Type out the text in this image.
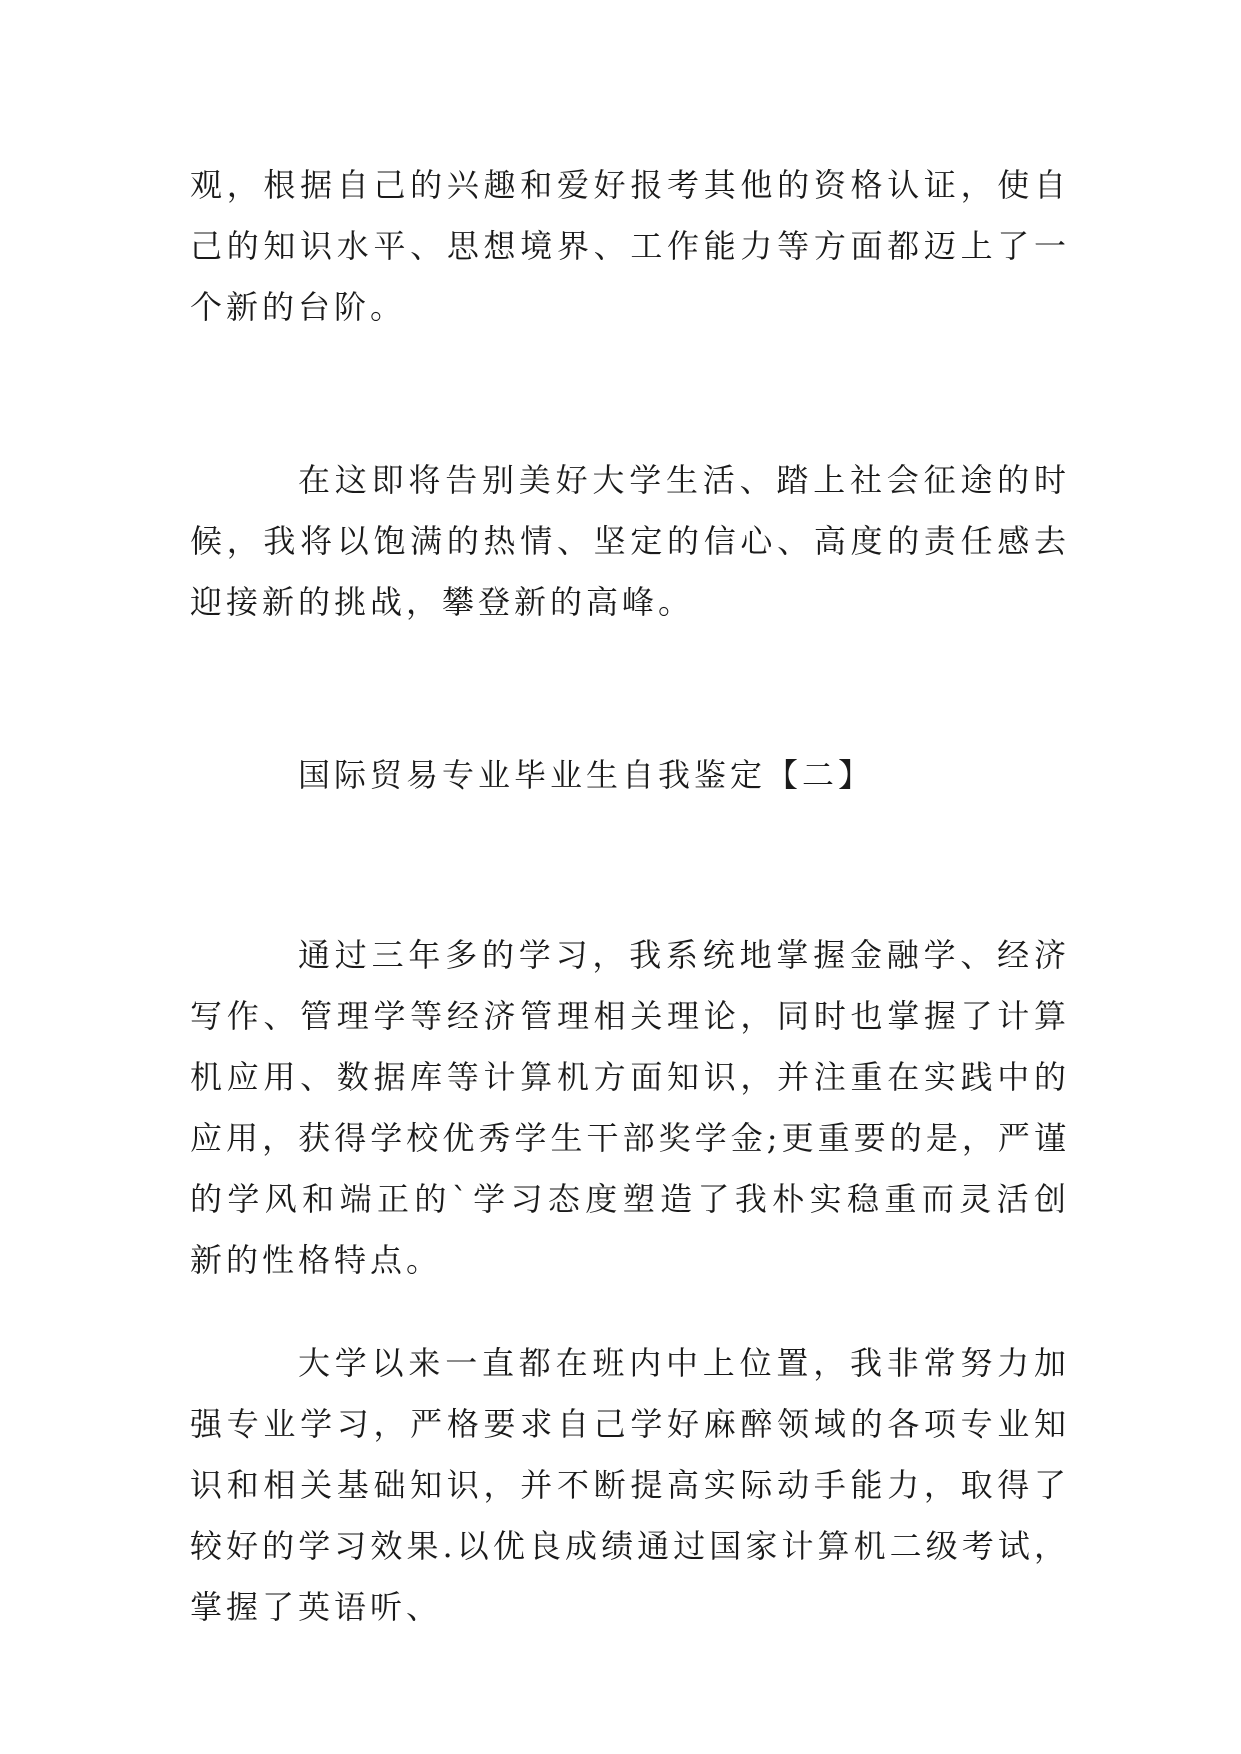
观，根据自己的兴趣和爱好报考其他的资格认证，使自己的知识水平、思想境界、工作能力等方面都迈上了一个新的台阶。

在这即将告别美好大学生活、踏上社会征途的时候，我将以饱满的热情、坚定的信心、高度的责任感去迎接新的挑战，攀登新的高峰。

国际贸易专业毕业生自我鉴定【二】

通过三年多的学习，我系统地掌握金融学、经济写作、管理学等经济管理相关理论，同时也掌握了计算机应用、数据库等计算机方面知识，并注重在实践中的应用，获得学校优秀学生干部奖学金;更重要的是，严谨的学风和端正的`学习态度塑造了我朴实稳重而灵活创新的性格特点。

大学以来一直都在班内中上位置，我非常努力加强专业学习，严格要求自己学好麻醉领域的各项专业知识和相关基础知识，并不断提高实际动手能力，取得了较好的学习效果.以优良成绩通过国家计算机二级考试，掌握了英语听、
